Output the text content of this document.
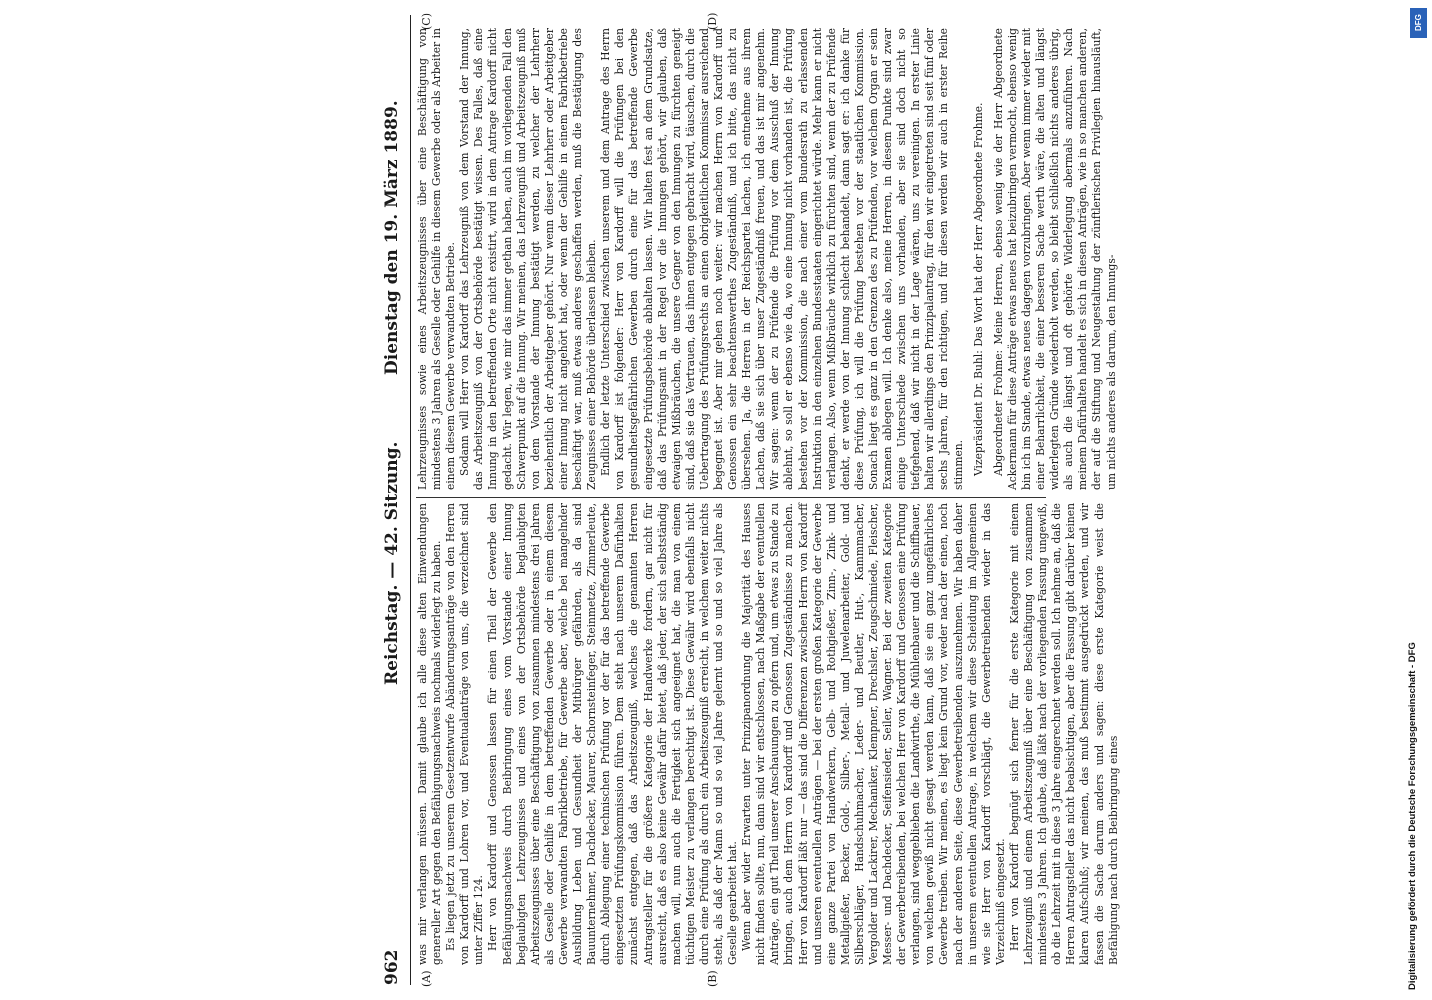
962
Reichstag. — 42. Sitzung.
Dienstag den 19. März 1889.
(A)	(B)
(C)	(D)

was mir verlangen müssen. Damit glaube ich alle diese alten Einwendungen genereller Art gegen den Befähigungsnachweis nochmals widerlegt zu haben. Es liegen jetzt zu unserem Gesetzentwurfe Abänderungsanträge von den Herren von Kardorff und Lohren vor, und Eventualanträge von uns, die verzeichnet sind unter Ziffer 124. Herr von Kardorff und Genossen lassen für einen Theil der Gewerbe den Befähigungsnachweis durch Beibringung eines vom Vorstande einer Innung beglaubigten Lehrzeugnisses und eines von der Ortsbehörde beglaubigten Arbeitszeugnisses über eine Beschäftigung von zusammen mindestens drei Jahren als Geselle oder Gehilfe in dem betreffenden Gewerbe oder in einem diesem Gewerbe verwandten Fabrikbetriebe, für Gewerbe aber, welche bei mangelnder Ausbildung Leben und Gesundheit der Mitbürger gefährden, als da sind Bauunternehmer, Dachdecker, Maurer, Schornsteinfeger, Steinmetze, Zimmerleute, durch Ablegung einer technischen Prüfung vor der für das betreffende Gewerbe eingesetzten Prüfungskommission führen. Dem steht nach unserem Dafürhalten zunächst entgegen, daß das Arbeitszeugniß, welches die genannten Herren Antragsteller für die größere Kategorie der Handwerke fordern, gar nicht für ausreicht, daß es also keine Gewähr dafür bietet, daß jeder, der sich selbstständig machen will, nun auch die Fertigkeit sich angeeignet hat, die man von einem tüchtigen Meister zu verlangen berechtigt ist. Diese Gewähr wird ebenfalls nicht durch eine Prüfung als durch ein Arbeitszeugniß erreicht, in welchem weiter nichts steht, als daß der Mann so und so viel Jahre gelernt und so und so viel Jahre als Geselle gearbeitet hat. Wenn aber wider Erwarten unter Prinzipanordnung die Majorität des Hauses nicht finden sollte, nun, dann sind wir entschlossen, nach Maßgabe der eventuellen Anträge, ein gut Theil unserer Anschauungen zu opfern und, um etwas zu Stande zu bringen, auch dem Herrn von Kardorff und Genossen Zugeständnisse zu machen. Herr von Kardorff läßt nur — das sind die Differenzen zwischen Herrn von Kardorff und unseren eventuellen Anträgen — bei der ersten großen Kategorie der Gewerbe eine ganze Partei von Handwerkern, Gelb- und Rothgießer, Zinn-, Zink- und Metallgießer, Becker, Gold-, Silber-, Metall- und Juwelenarbeiter, Gold- und Silberschläger, Handschuhmacher, Leder- und Beutler, Hut-, Kammmacher, Vergolder und Lackirer, Mechaniker, Klempner, Drechsler, Zeugschmiede, Fleischer, Messer- und Dachdecker, Seifensieder, Seiler, Wagner. Bei der zweiten Kategorie der Gewerbetreibenden, bei welchen Herr von Kardorff und Genossen eine Prüfung verlangen, sind weggeblieben die Landwirthe, die Mühlenbauer und die Schiffbauer, von welchen gewiß nicht gesagt werden kann, daß sie ein ganz ungefährliches Gewerbe treiben. Wir meinen, es liegt kein Grund vor, weder nach der einen, noch nach der anderen Seite, diese Gewerbetreibenden auszunehmen. Wir haben daher in unserem eventuellen Antrage, in welchem wir diese Scheidung im Allgemeinen wie sie Herr von Kardorff vorschlägt, die Gewerbetreibenden wieder in das Verzeichniß eingesetzt. Herr von Kardorff begnügt sich ferner für die erste Kategorie mit einem Lehrzeugniß und einem Arbeitszeugniß über eine Beschäftigung von zusammen mindestens 3 Jahren. Ich glaube, daß läßt nach der vorliegenden Fassung ungewiß, ob die Lehrzeit mit in diese 3 Jahre eingerechnet werden soll. Ich nehme an, daß die Herren Antragsteller das nicht beabsichtigen, aber die Fassung gibt darüber keinen klaren Aufschluß; wir meinen, das muß bestimmt ausgedrückt werden, und wir fassen die Sache darum anders und sagen: diese erste Kategorie weist die Befähigung nach durch Beibringung eines

Lehrzeugnisses sowie eines Arbeitszeugnisses über eine Beschäftigung von mindestens 3 Jahren als Geselle oder Gehilfe in diesem Gewerbe oder als Arbeiter in einem diesem Gewerbe verwandten Betriebe. Sodann will Herr von Kardorff das Lehrzeugniß von dem Vorstand der Innung, das Arbeitszeugniß von der Ortsbehörde bestätigt wissen. Des Falles, daß eine Innung in den betreffenden Orte nicht existirt, wird in dem Antrage Kardorff nicht gedacht. Wir legen, wie mir das immer gethan haben, auch im vorliegenden Fall den Schwerpunkt auf die Innung. Wir meinen, das Lehrzeugniß und Arbeitszeugniß muß von dem Vorstande der Innung bestätigt werden, zu welcher der Lehrherr beziehentlich der Arbeitgeber gehört. Nur wenn dieser Lehrherr oder Arbeitgeber einer Innung nicht angehört hat, oder wenn der Gehilfe in einem Fabrikbetriebe beschäftigt war, muß etwas anderes geschaffen werden, muß die Bestätigung des Zeugnisses einer Behörde überlassen bleiben. Endlich der letzte Unterschied zwischen unserem und dem Antrage des Herrn von Kardorff ist folgender: Herr von Kardorff will die Prüfungen bei den gesundheitsgefährlichen Gewerben durch eine für das betreffende Gewerbe eingesetzte Prüfungsbehörde abhalten lassen. Wir halten fest an dem Grundsatze, daß das Prüfungsamt in der Regel vor die Innungen gehört, wir glauben, daß etwaigen Mißbräuchen, die unsere Gegner von den Innungen zu fürchten geneigt sind, daß sie das Vertrauen, das ihnen entgegen gebracht wird, täuschen, durch die Uebertragung des Prüfungsrechts an einen obrigkeitlichen Kommissar ausreichend begegnet ist. Aber mir gehen noch weiter: wir machen Herrn von Kardorff und Genossen ein sehr beachtenswerthes Zugeständniß, und ich bitte, das nicht zu übersehen. Ja, die Herren in der Reichspartei lachen, ich entnehme aus ihrem Lachen, daß sie sich über unser Zugeständniß freuen, und das ist mir angenehm. Wir sagen: wenn der zu Prüfende die Prüfung vor dem Ausschuß der Innung ablehnt, so soll er ebenso wie da, wo eine Innung nicht vorhanden ist, die Prüfung bestehen vor der Kommission, die nach einer vom Bundesrath zu erlassenden Instruktion in den einzelnen Bundesstaaten eingerichtet würde. Mehr kann er nicht verlangen. Also, wenn Mißbräuche wirklich zu fürchten sind, wenn der zu Prüfende denkt, er werde von der Innung schlecht behandelt, dann sagt er: ich danke für diese Prüfung, ich will die Prüfung bestehen vor der staatlichen Kommission. Sonach liegt es ganz in den Grenzen des zu Prüfenden, vor welchem Organ er sein Examen ablegen will. Ich denke also, meine Herren, in diesem Punkte sind zwar einige Unterschiede zwischen uns vorhanden, aber sie sind doch nicht so tiefgehend, daß wir nicht in der Lage wären, uns zu vereinigen. In erster Linie halten wir allerdings den Prinzipalantrag, für den wir eingetreten sind seit fünf oder sechs Jahren, für den richtigen, und für diesen werden wir auch in erster Reihe stimmen. Vizepräsident Dr. Buhl: Das Wort hat der Herr Abgeordnete Frohme. Abgeordneter Frohme: Meine Herren, ebenso wenig wie der Herr Abgeordnete Ackermann für diese Anträge etwas neues hat beizubringen vermocht, ebenso wenig bin ich im Stande, etwas neues dagegen vorzubringen. Aber wenn immer wieder mit einer Beharrlichkeit, die einer besseren Sache werth wäre, die alten und längst widerlegten Gründe wiederholt werden, so bleibt schließlich nichts anderes übrig, als auch die längst und oft gehörte Widerlegung abermals anzuführen. Nach meinem Dafürhalten handelt es sich in diesen Anträgen, wie in so manchen anderen, der auf die Stiftung und Neugestaltung der zünftlerischen Privilegien hinausläuft, um nichts anderes als darum, den Innungs-

DFG
Digitalisierung gefördert durch die Deutsche Forschungsgemeinschaft - DFG
